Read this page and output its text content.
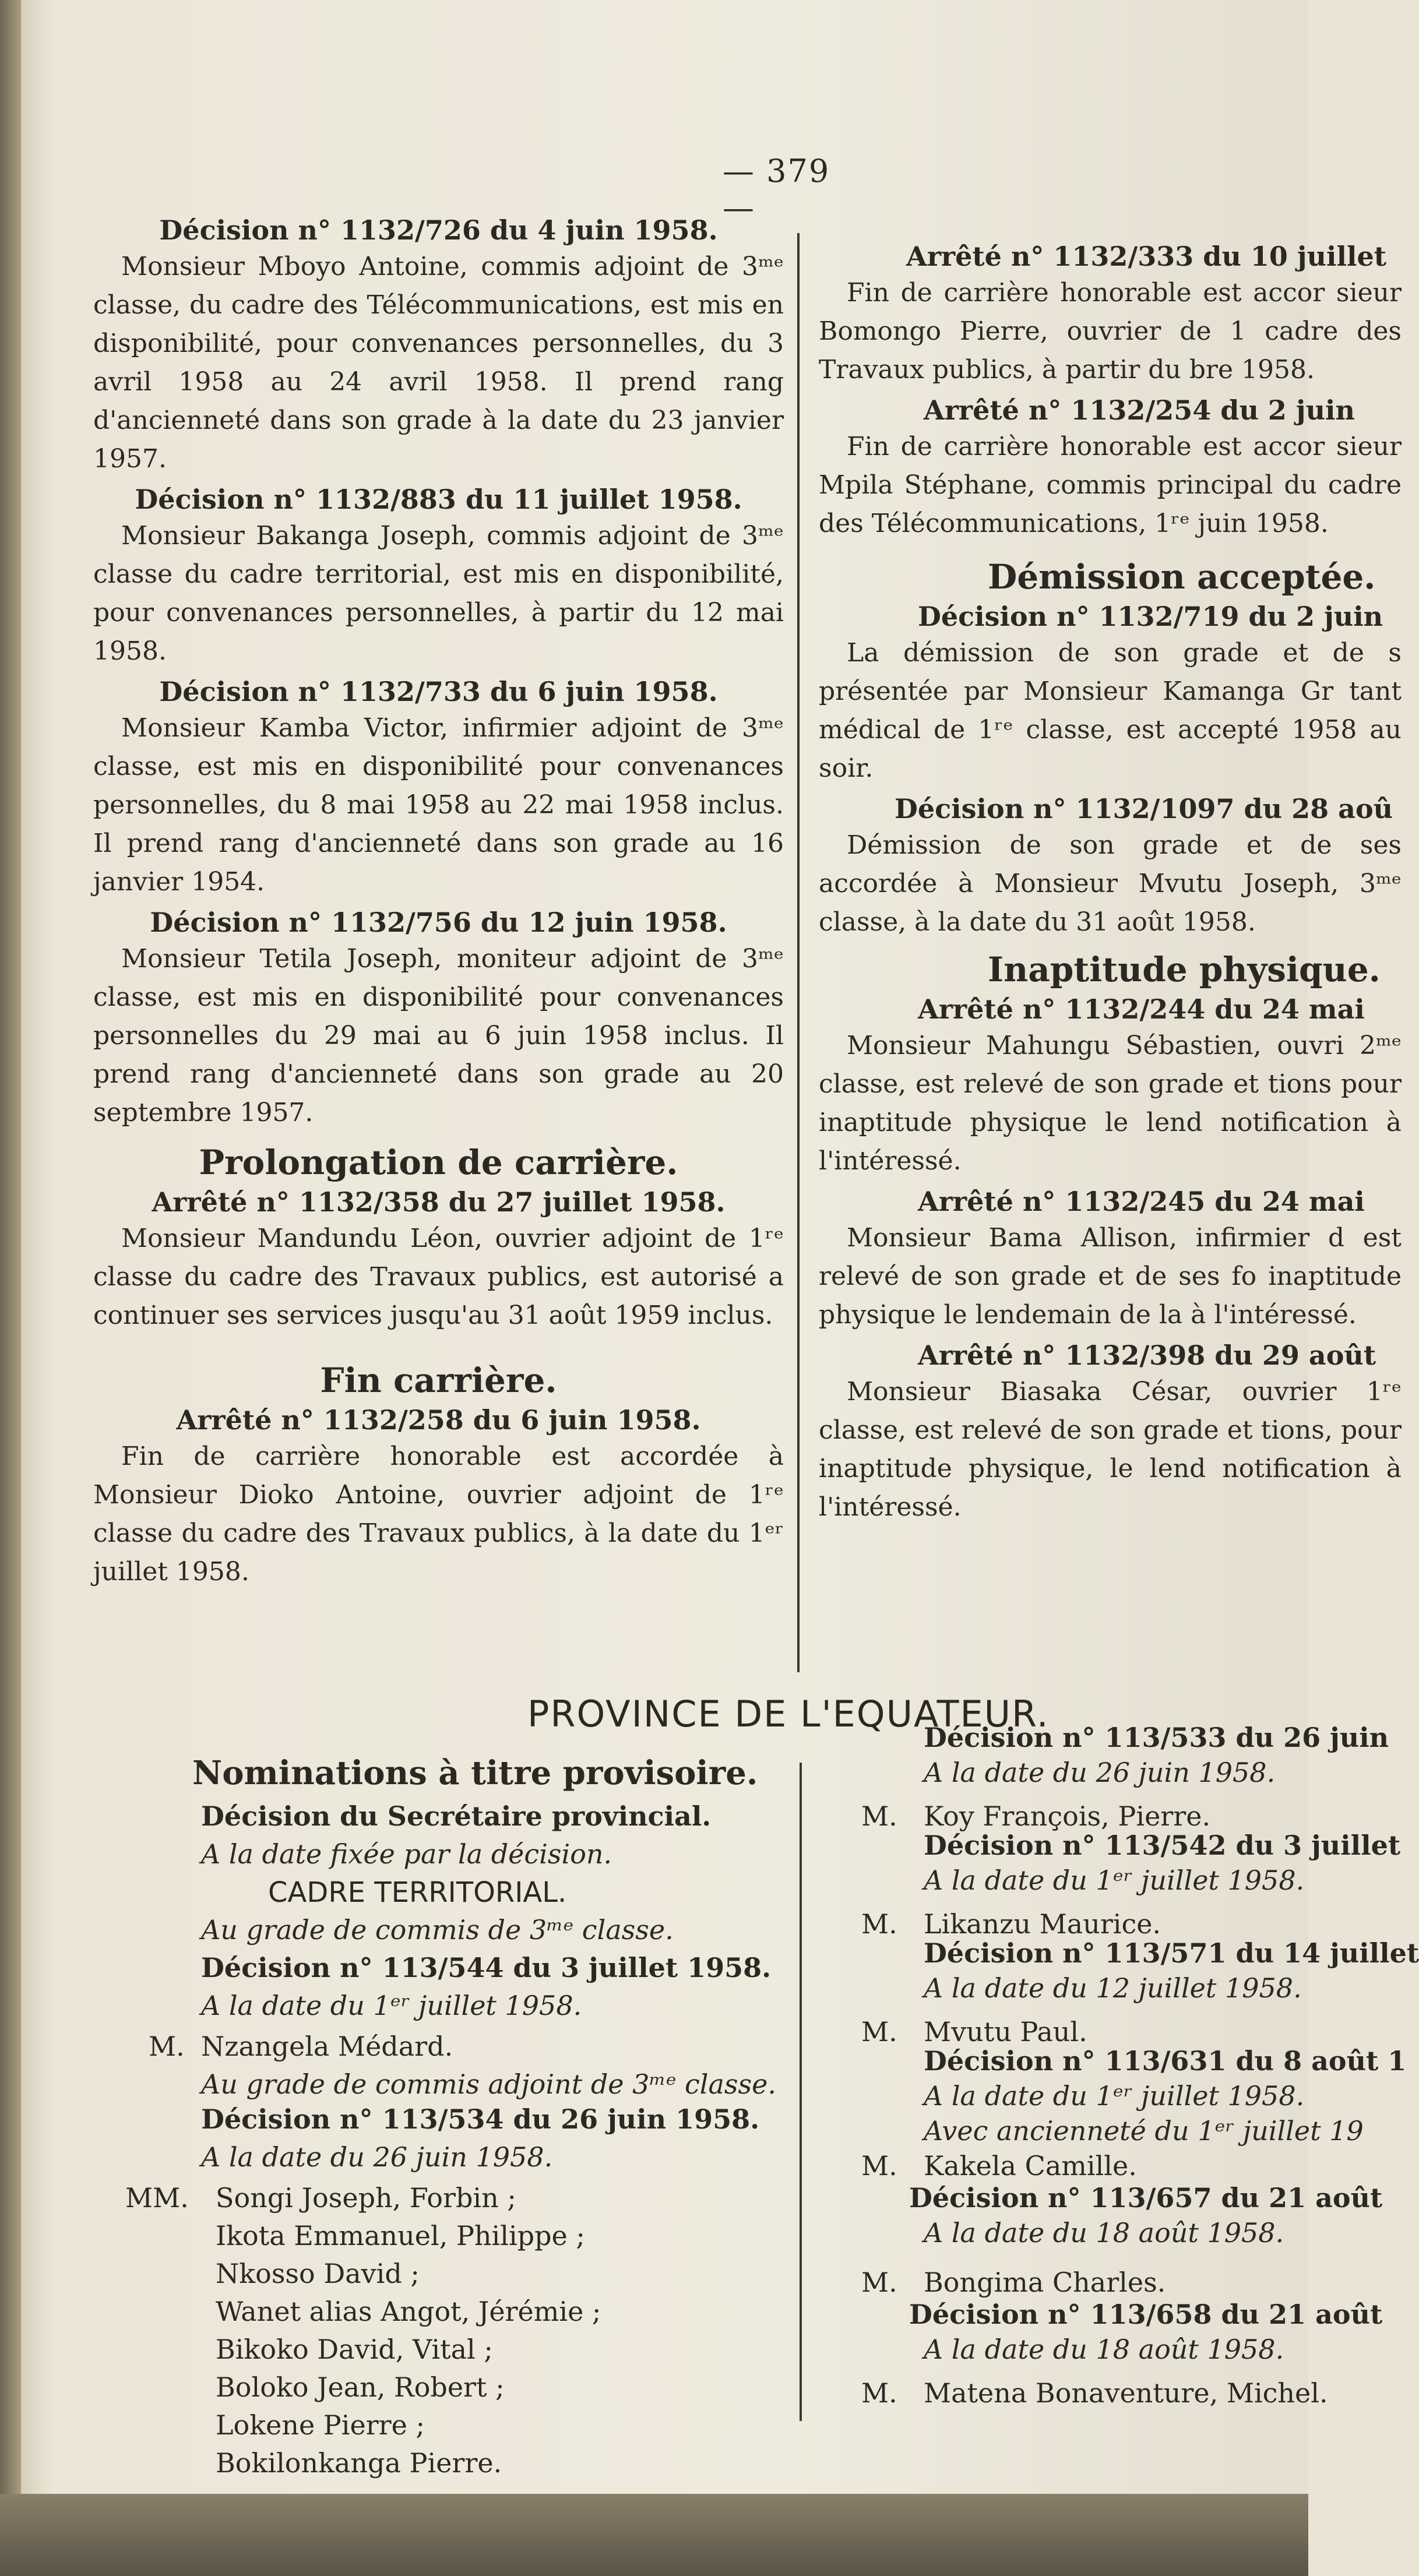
— 379 —
Décision n° 1132/726 du 4 juin 1958.

Monsieur Mboyo Antoine, commis adjoint de 3ᵐᵉ classe, du cadre des Télécommunications, est mis en disponibilité, pour convenances personnelles, du 3 avril 1958 au 24 avril 1958. Il prend rang d'ancienneté dans son grade à la date du 23 janvier 1957.

Décision n° 1132/883 du 11 juillet 1958.

Monsieur Bakanga Joseph, commis adjoint de 3ᵐᵉ classe du cadre territorial, est mis en disponibilité, pour convenances personnelles, à partir du 12 mai 1958.

Décision n° 1132/733 du 6 juin 1958.

Monsieur Kamba Victor, infirmier adjoint de 3ᵐᵉ classe, est mis en disponibilité pour convenances personnelles, du 8 mai 1958 au 22 mai 1958 inclus. Il prend rang d'ancienneté dans son grade au 16 janvier 1954.

Décision n° 1132/756 du 12 juin 1958.

Monsieur Tetila Joseph, moniteur adjoint de 3ᵐᵉ classe, est mis en disponibilité pour convenances personnelles du 29 mai au 6 juin 1958 inclus. Il prend rang d'ancienneté dans son grade au 20 septembre 1957.

Prolongation de carrière.
Arrêté n° 1132/358 du 27 juillet 1958.

Monsieur Mandundu Léon, ouvrier adjoint de 1ʳᵉ classe du cadre des Travaux publics, est autorisé a continuer ses services jusqu'au 31 août 1959 inclus.

Fin carrière.
Arrêté n° 1132/258 du 6 juin 1958.

Fin de carrière honorable est accordée à Monsieur Dioko Antoine, ouvrier adjoint de 1ʳᵉ classe du cadre des Travaux publics, à la date du 1ᵉʳ juillet 1958.

Arrêté n° 1132/333 du 10 juillet

Fin de carrière honorable est accor sieur Bomongo Pierre, ouvrier de 1 cadre des Travaux publics, à partir du bre 1958.

Arrêté n° 1132/254 du 2 juin

Fin de carrière honorable est accor sieur Mpila Stéphane, commis principal du cadre des Télécommunications, 1ʳᵉ juin 1958.

Démission acceptée.
Décision n° 1132/719 du 2 juin

La démission de son grade et de s présentée par Monsieur Kamanga Gr tant médical de 1ʳᵉ classe, est accepté 1958 au soir.

Décision n° 1132/1097 du 28 aoû

Démission de son grade et de ses accordée à Monsieur Mvutu Joseph, 3ᵐᵉ classe, à la date du 31 août 1958.

Inaptitude physique.
Arrêté n° 1132/244 du 24 mai

Monsieur Mahungu Sébastien, ouvri 2ᵐᵉ classe, est relevé de son grade et tions pour inaptitude physique le lend notification à l'intéressé.

Arrêté n° 1132/245 du 24 mai

Monsieur Bama Allison, infirmier d est relevé de son grade et de ses fo inaptitude physique le lendemain de la à l'intéressé.

Arrêté n° 1132/398 du 29 août

Monsieur Biasaka César, ouvrier 1ʳᵉ classe, est relevé de son grade et tions, pour inaptitude physique, le lend notification à l'intéressé.

PROVINCE DE L'EQUATEUR.
Nominations à titre provisoire.
Décision du Secrétaire provincial.
A la date fixée par la décision.
CADRE TERRITORIAL.
Au grade de commis de 3ᵐᵉ classe.
Décision n° 113/544 du 3 juillet 1958.
A la date du 1ᵉʳ juillet 1958.
M. Nzangela Médard.
Au grade de commis adjoint de 3ᵐᵉ classe.
Décision n° 113/534 du 26 juin 1958.
A la date du 26 juin 1958.
MM. Songi Joseph, Forbin ;
Ikota Emmanuel, Philippe ;
Nkosso David ;
Wanet alias Angot, Jérémie ;
Bikoko David, Vital ;
Boloko Jean, Robert ;
Lokene Pierre ;
Bokilonkanga Pierre.
Décision n° 113/533 du 26 juin
A la date du 26 juin 1958.
M. Koy François, Pierre.
Décision n° 113/542 du 3 juillet
A la date du 1ᵉʳ juillet 1958.
M. Likanzu Maurice.
Décision n° 113/571 du 14 juillet
A la date du 12 juillet 1958.
M. Mvutu Paul.
Décision n° 113/631 du 8 août 1
A la date du 1ᵉʳ juillet 1958.
Avec ancienneté du 1ᵉʳ juillet 19
M. Kakela Camille.
Décision n° 113/657 du 21 août
A la date du 18 août 1958.
M. Bongima Charles.
Décision n° 113/658 du 21 août
A la date du 18 août 1958.
M. Matena Bonaventure, Michel.
